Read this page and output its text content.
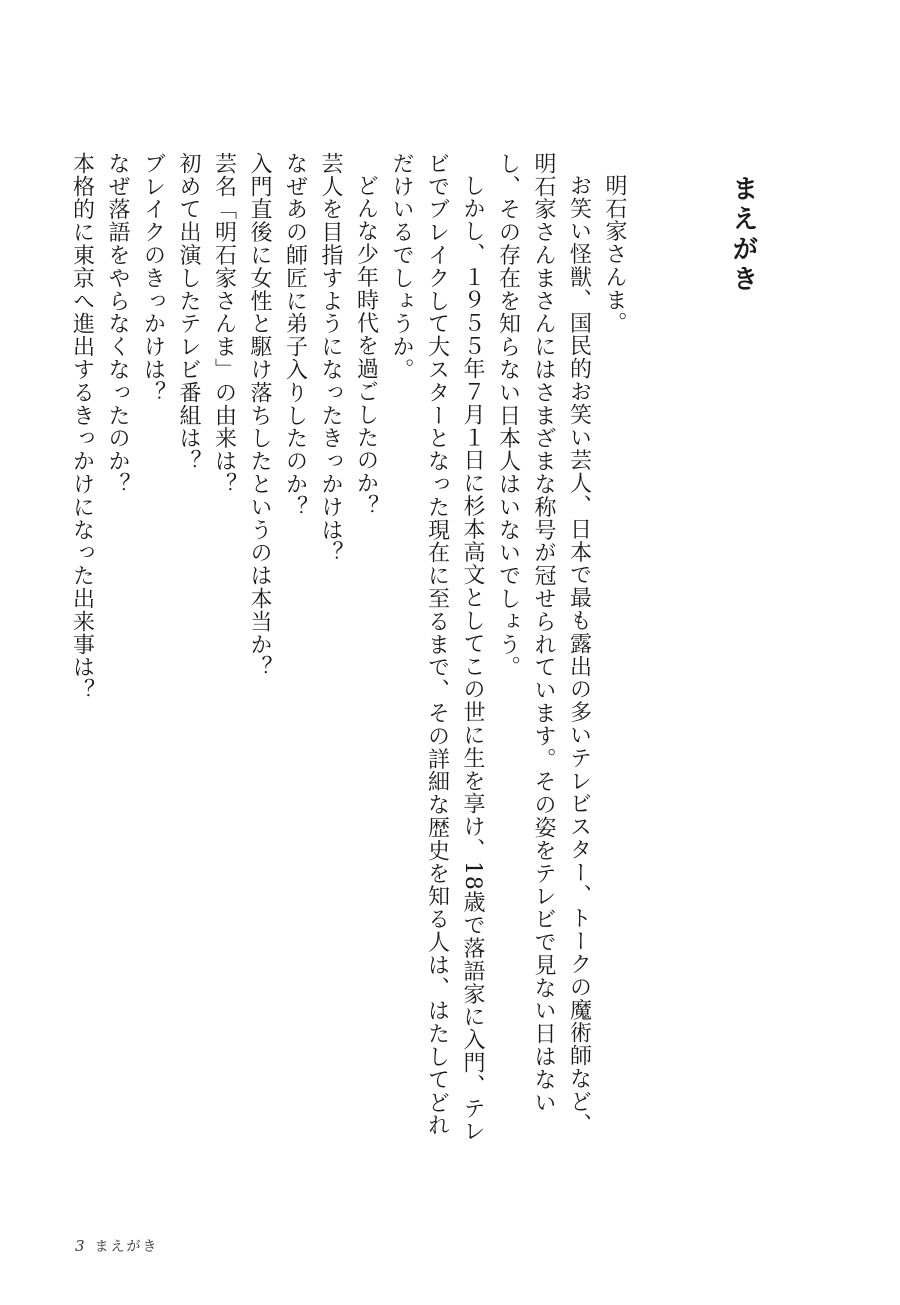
まえがき

明石家さんま。

お笑い怪獣、国民的お笑い芸人、日本で最も露出の多いテレビスター、トークの魔術師など、明石家さんまさんにはさまざまな称号が冠せられています。その姿をテレビで見ない日はないし、その存在を知らない日本人はいないでしょう。

しかし、１９５５年７月１日に杉本高文としてこの世に生を享け、18歳で落語家に入門、テレビでブレイクして大スターとなった現在に至るまで、その詳細な歴史を知る人は、はたしてどれだけいるでしょうか。

どんな少年時代を過ごしたのか？

芸人を目指すようになったきっかけは？

なぜあの師匠に弟子入りしたのか？

入門直後に女性と駆け落ちしたというのは本当か？

芸名「明石家さんま」の由来は？

初めて出演したテレビ番組は？

ブレイクのきっかけは？

なぜ落語をやらなくなったのか？

本格的に東京へ進出するきっかけになった出来事は？

3 まえがき
